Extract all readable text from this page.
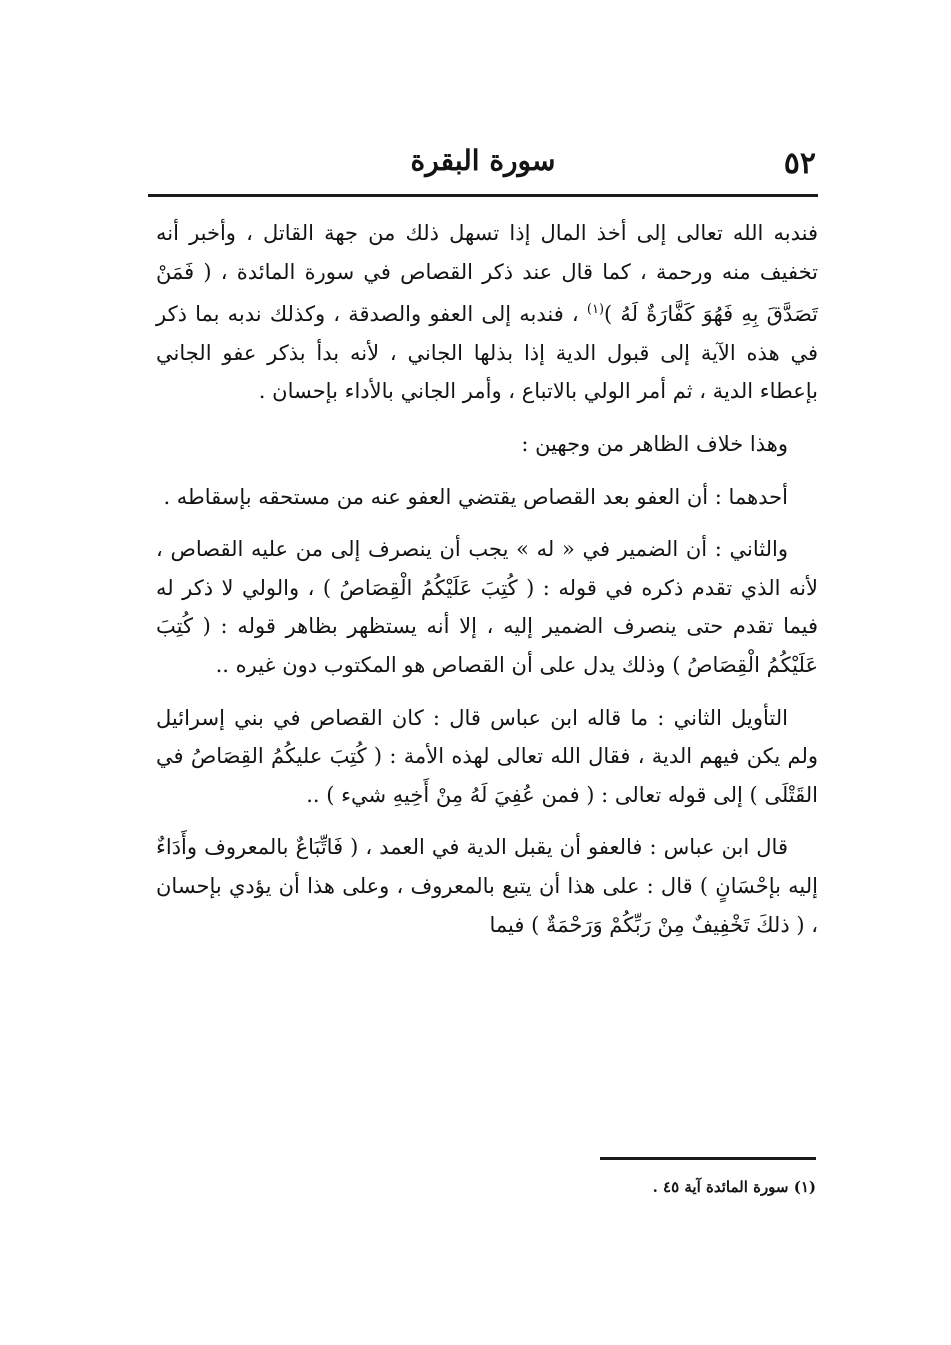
٥٢
سورة البقرة

فندبه الله تعالى إلى أخذ المال إذا تسهل ذلك من جهة القاتل ، وأخبر أنه تخفيف منه ورحمة ، كما قال عند ذكر القصاص في سورة المائدة ، ( فَمَنْ تَصَدَّقَ بِهِ فَهُوَ كَفَّارَةٌ لَهُ )$^{(١)}$ ، فندبه إلى العفو والصدقة ، وكذلك ندبه بما ذكر في هذه الآية إلى قبول الدية إذا بذلها الجاني ، لأنه بدأ بذكر عفو الجاني بإعطاء الدية ، ثم أمر الولي بالاتباع ، وأمر الجاني بالأداء بإحسان .

وهذا خلاف الظاهر من وجهين :

أحدهما : أن العفو بعد القصاص يقتضي العفو عنه من مستحقه بإسقاطه .

والثاني : أن الضمير في « له » يجب أن ينصرف إلى من عليه القصاص ، لأنه الذي تقدم ذكره في قوله : ( كُتِبَ عَلَيْكُمُ الْقِصَاصُ ) ، والولي لا ذكر له فيما تقدم حتى ينصرف الضمير إليه ، إلا أنه يستظهر بظاهر قوله : ( كُتِبَ عَلَيْكُمُ الْقِصَاصُ ) وذلك يدل على أن القصاص هو المكتوب دون غيره ..

التأويل الثاني : ما قاله ابن عباس قال : كان القصاص في بني إسرائيل ولم يكن فيهم الدية ، فقال الله تعالى لهذه الأمة : ( كُتِبَ عليكُمُ القِصَاصُ في القَتْلَى ) إلى قوله تعالى : ( فمن عُفِيَ لَهُ مِنْ أَخِيهِ شيء ) ..

قال ابن عباس : فالعفو أن يقبل الدية في العمد ، ( فَاتِّبَاعٌ بالمعروف وأَدَاءٌ إليه بإحْسَانٍ ) قال : على هذا أن يتبع بالمعروف ، وعلى هذا أن يؤدي بإحسان ، ( ذلكَ تَخْفِيفٌ مِنْ رَبِّكُمْ وَرَحْمَةٌ ) فيما

(١) سورة المائدة آية ٤٥ .
